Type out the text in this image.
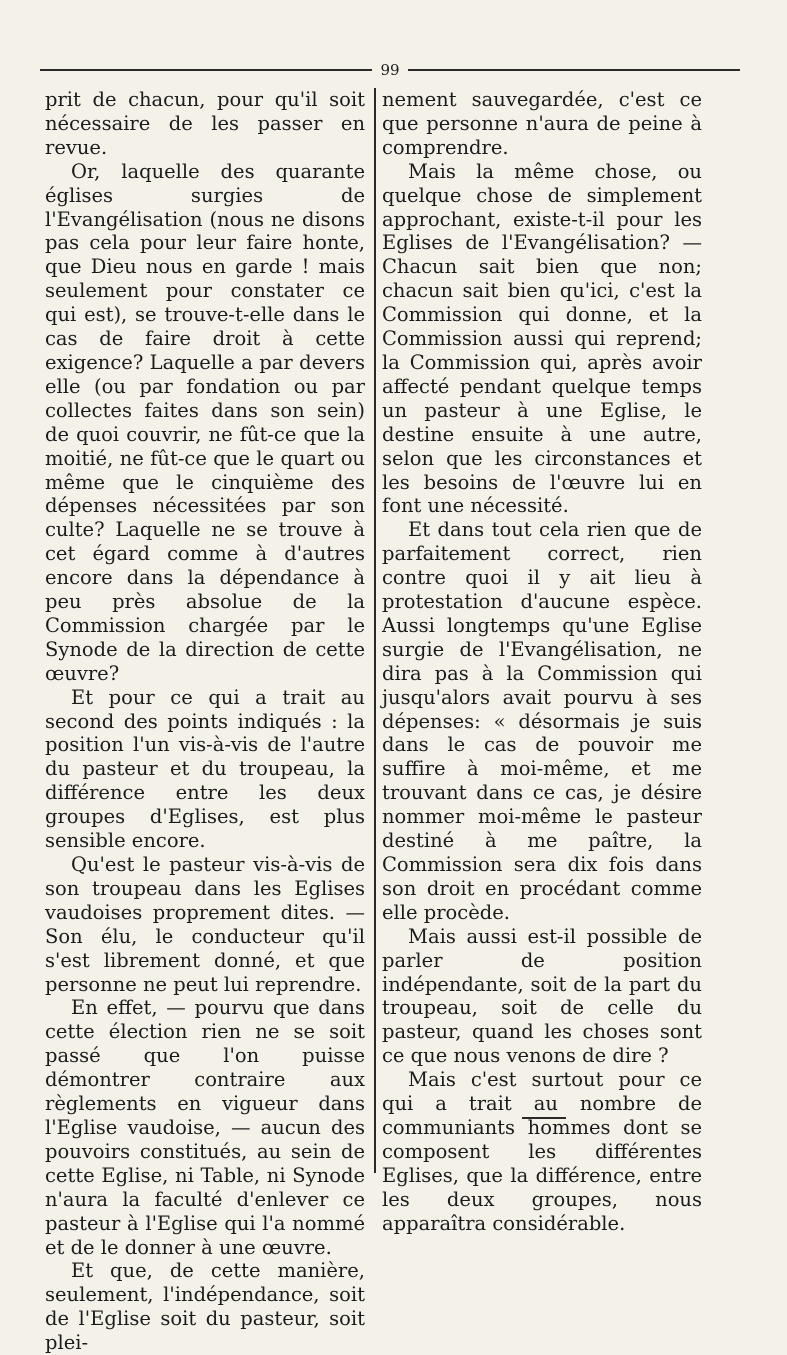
99

prit de chacun, pour qu'il soit nécessaire de les passer en revue.

Or, laquelle des quarante églises surgies de l'Evangélisation (nous ne disons pas cela pour leur faire honte, que Dieu nous en garde ! mais seulement pour constater ce qui est), se trouve-t-elle dans le cas de faire droit à cette exigence? Laquelle a par devers elle (ou par fondation ou par collectes faites dans son sein) de quoi couvrir, ne fût-ce que la moitié, ne fût-ce que le quart ou même que le cinquième des dépenses nécessitées par son culte? Laquelle ne se trouve à cet égard comme à d'autres encore dans la dépendance à peu près absolue de la Commission chargée par le Synode de la direction de cette œuvre?

Et pour ce qui a trait au second des points indiqués : la position l'un vis-à-vis de l'autre du pasteur et du troupeau, la différence entre les deux groupes d'Eglises, est plus sensible encore.

Qu'est le pasteur vis-à-vis de son troupeau dans les Eglises vaudoises proprement dites. — Son élu, le conducteur qu'il s'est librement donné, et que personne ne peut lui reprendre.

En effet, — pourvu que dans cette élection rien ne se soit passé que l'on puisse démontrer contraire aux règlements en vigueur dans l'Eglise vaudoise, — aucun des pouvoirs constitués, au sein de cette Eglise, ni Table, ni Synode n'aura la faculté d'enlever ce pasteur à l'Eglise qui l'a nommé et de le donner à une œuvre.

Et que, de cette manière, seulement, l'indépendance, soit de l'Eglise soit du pasteur, soit plei-

nement sauvegardée, c'est ce que personne n'aura de peine à comprendre.

Mais la même chose, ou quelque chose de simplement approchant, existe-t-il pour les Eglises de l'Evangélisation? — Chacun sait bien que non; chacun sait bien qu'ici, c'est la Commission qui donne, et la Commission aussi qui reprend; la Commission qui, après avoir affecté pendant quelque temps un pasteur à une Eglise, le destine ensuite à une autre, selon que les circonstances et les besoins de l'œuvre lui en font une nécessité.

Et dans tout cela rien que de parfaitement correct, rien contre quoi il y ait lieu à protestation d'aucune espèce. Aussi longtemps qu'une Eglise surgie de l'Evangélisation, ne dira pas à la Commission qui jusqu'alors avait pourvu à ses dépenses: « désormais je suis dans le cas de pouvoir me suffire à moi-même, et me trouvant dans ce cas, je désire nommer moi-même le pasteur destiné à me paître, la Commission sera dix fois dans son droit en procédant comme elle procède.

Mais aussi est-il possible de parler de position indépendante, soit de la part du troupeau, soit de celle du pasteur, quand les choses sont ce que nous venons de dire ?

Mais c'est surtout pour ce qui a trait au nombre de communiants hommes dont se composent les différentes Eglises, que la différence, entre les deux groupes, nous apparaîtra considérable.
